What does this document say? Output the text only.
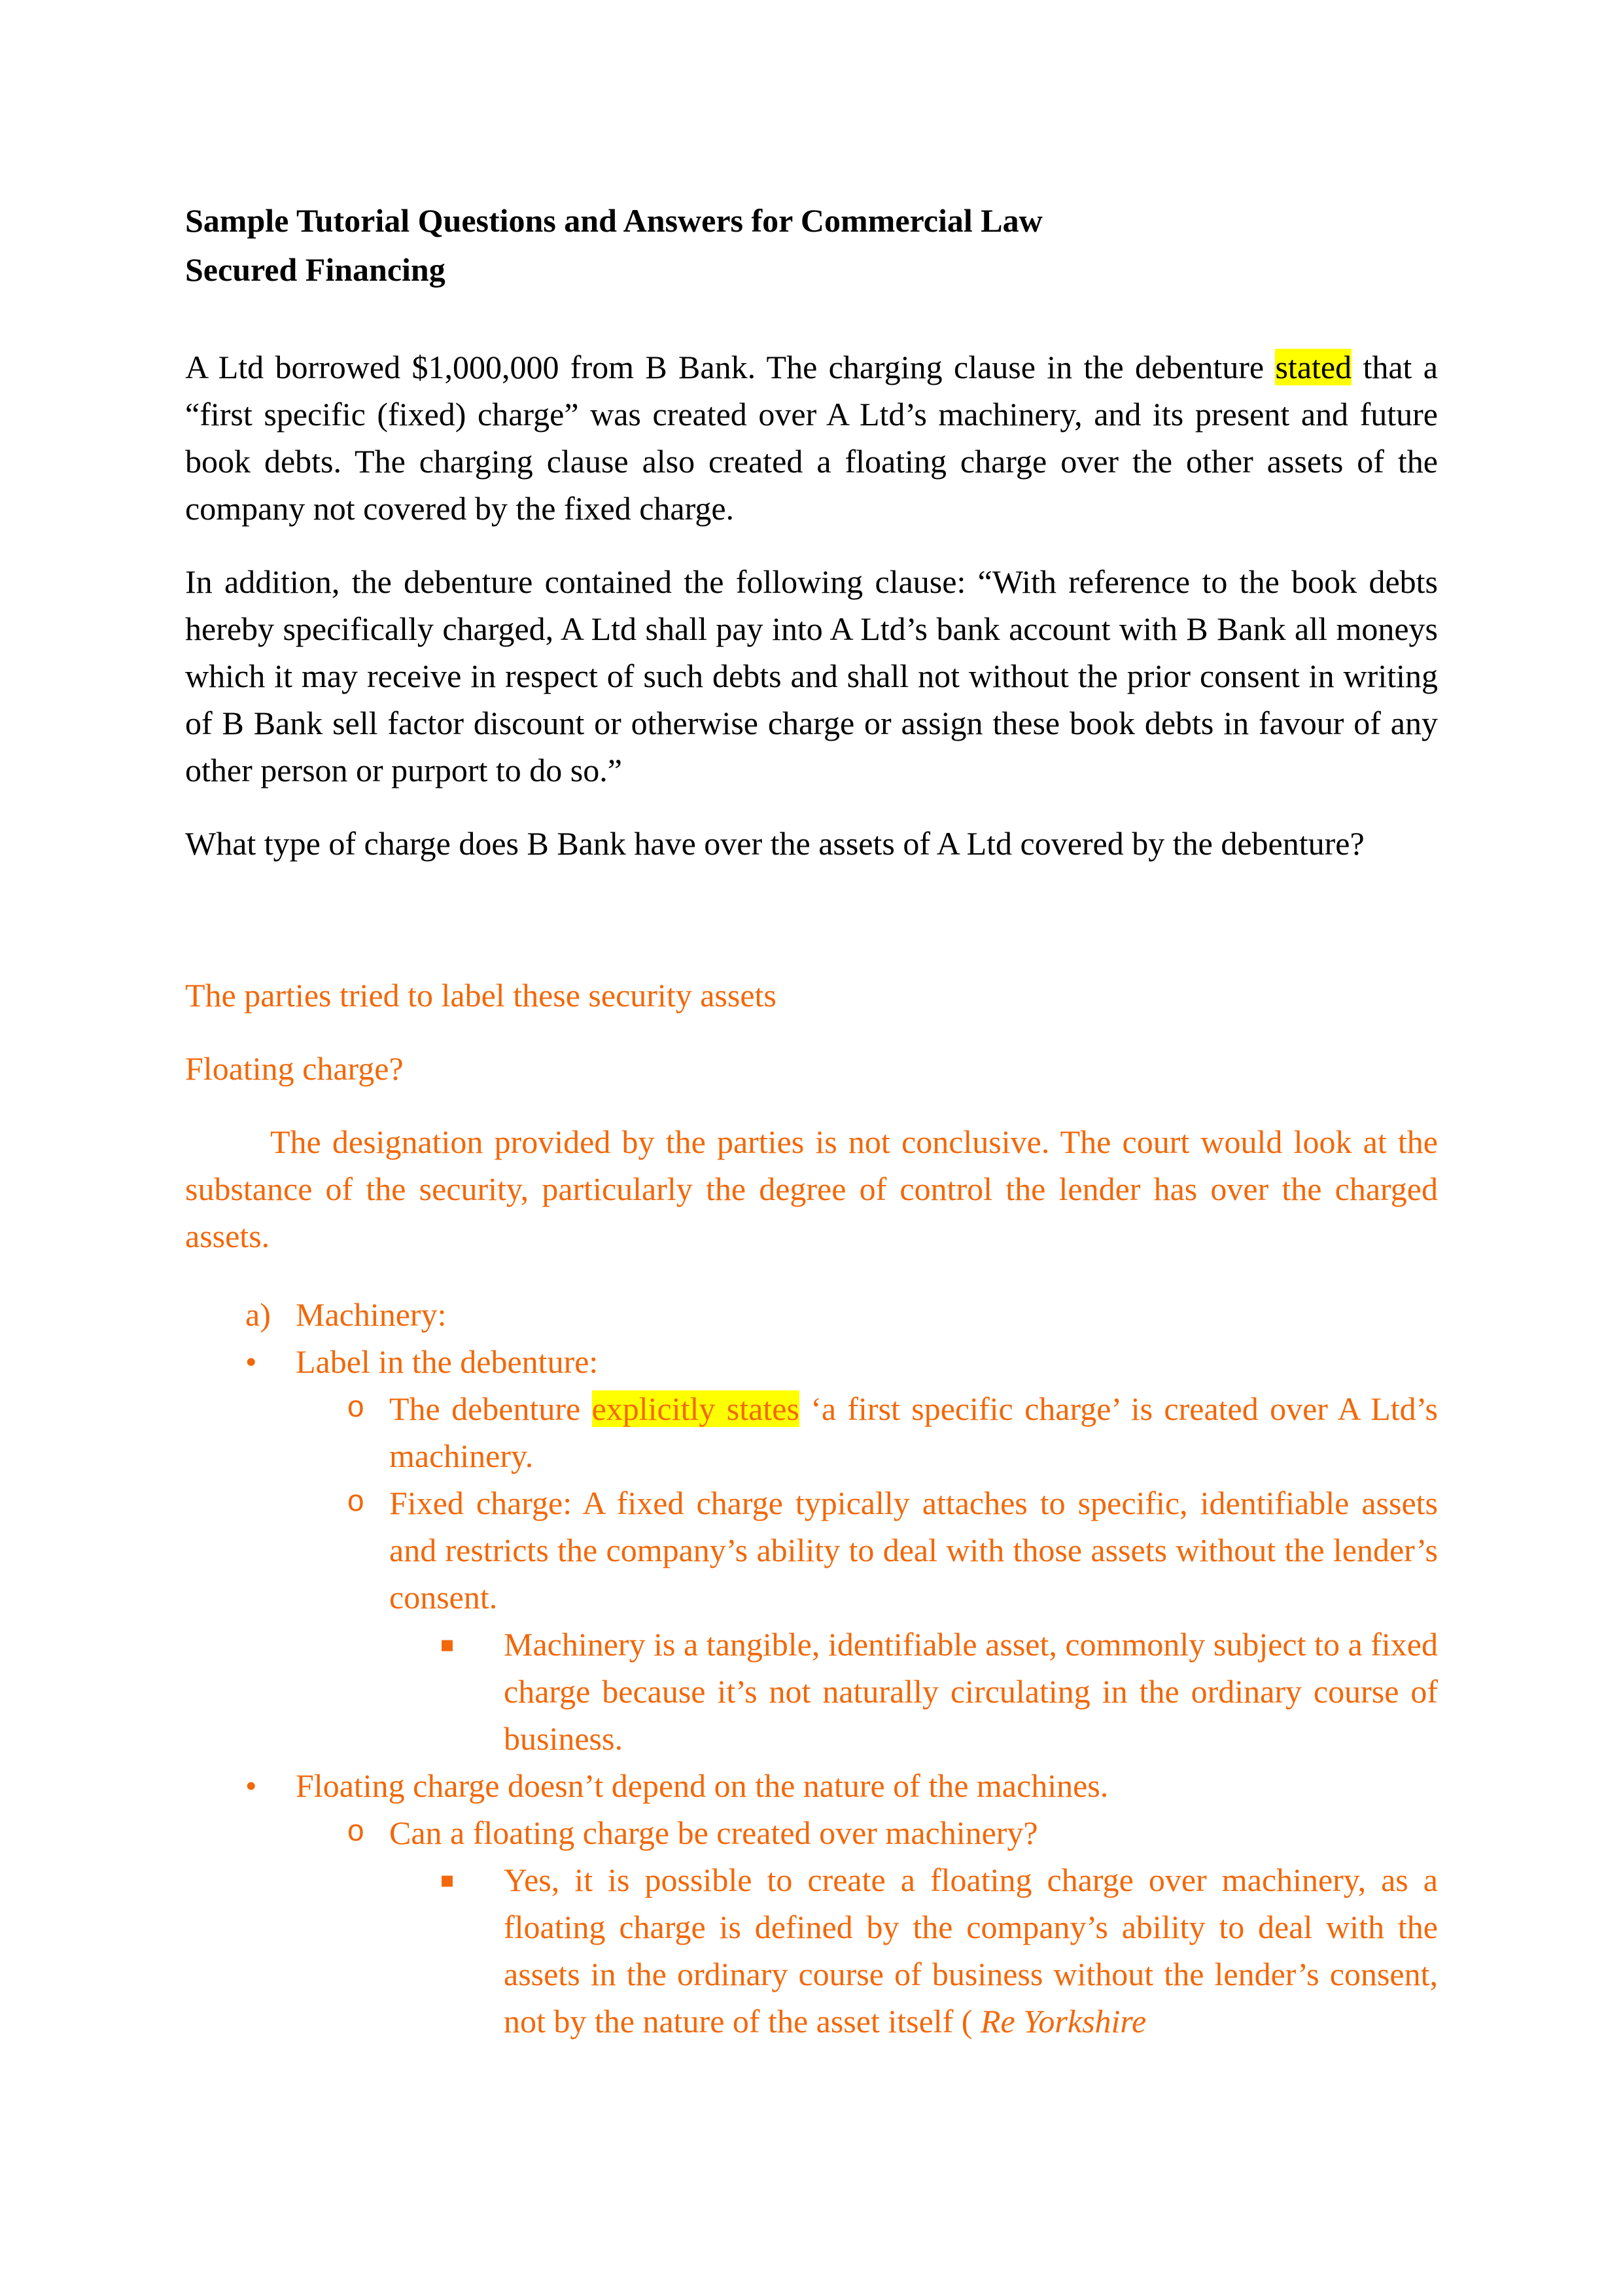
Sample Tutorial Questions and Answers for Commercial Law
Secured Financing

A Ltd borrowed $1,000,000 from B Bank. The charging clause in the debenture stated that a “first specific (fixed) charge” was created over A Ltd’s machinery, and its present and future book debts. The charging clause also created a floating charge over the other assets of the company not covered by the fixed charge.

In addition, the debenture contained the following clause: “With reference to the book debts hereby specifically charged, A Ltd shall pay into A Ltd’s bank account with B Bank all moneys which it may receive in respect of such debts and shall not without the prior consent in writing of B Bank sell factor discount or otherwise charge or assign these book debts in favour of any other person or purport to do so.”

What type of charge does B Bank have over the assets of A Ltd covered by the debenture?

The parties tried to label these security assets

Floating charge?

The designation provided by the parties is not conclusive. The court would look at the substance of the security, particularly the degree of control the lender has over the charged assets.

a) Machinery:
• Label in the debenture:
o The debenture explicitly states ‘a first specific charge’ is created over A Ltd’s machinery.
o Fixed charge: A fixed charge typically attaches to specific, identifiable assets and restricts the company’s ability to deal with those assets without the lender’s consent.
▪ Machinery is a tangible, identifiable asset, commonly subject to a fixed charge because it’s not naturally circulating in the ordinary course of business.
• Floating charge doesn’t depend on the nature of the machines.
o Can a floating charge be created over machinery?
▪ Yes, it is possible to create a floating charge over machinery, as a floating charge is defined by the company’s ability to deal with the assets in the ordinary course of business without the lender’s consent, not by the nature of the asset itself ( Re Yorkshire
